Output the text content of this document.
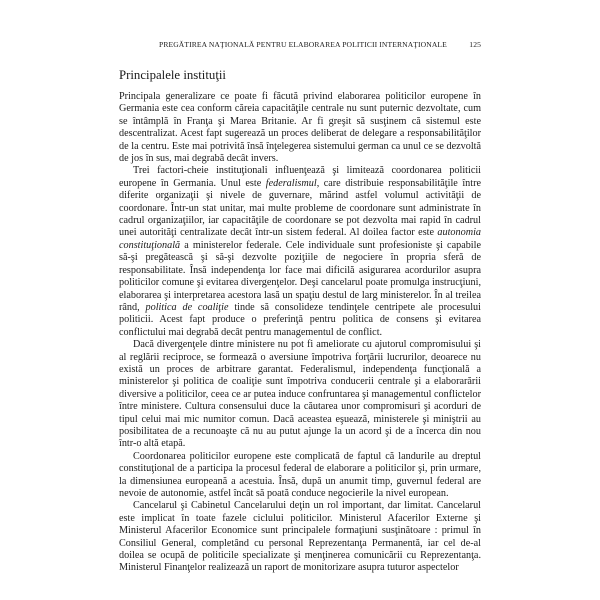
PREGĂTIREA NAŢIONALĂ PENTRU ELABORAREA POLITICII INTERNAŢIONALE	125
Principalele instituţii

Principala generalizare ce poate fi făcută privind elaborarea politicilor europene în Germania este cea conform căreia capacităţile centrale nu sunt puternic dezvoltate, cum se întâmplă în Franţa şi Marea Britanie. Ar fi greşit să susţinem că sistemul este descentralizat. Acest fapt sugerează un proces deliberat de delegare a responsabilităţilor de la centru. Este mai potrivită însă înţelegerea sistemului german ca unul ce se dezvoltă de jos în sus, mai degrabă decât invers.

Trei factori-cheie instituţionali influenţează şi limitează coordonarea politicii europene în Germania. Unul este federalismul, care distribuie responsabilităţile între diferite organizaţii şi nivele de guvernare, mărind astfel volumul activităţii de coordonare. Într-un stat unitar, mai multe probleme de coordonare sunt administrate în cadrul organizaţiilor, iar capacităţile de coordonare se pot dezvolta mai rapid în cadrul unei autorităţi centralizate decât într-un sistem federal. Al doilea factor este autonomia constituţională a ministerelor federale. Cele individuale sunt profesioniste şi capabile să-şi pregătească şi să-şi dezvolte poziţiile de negociere în propria sferă de responsabilitate. Însă independenţa lor face mai dificilă asigurarea acordurilor asupra politicilor comune şi evitarea divergenţelor. Deşi cancelarul poate promulga instrucţiuni, elaborarea şi interpretarea acestora lasă un spaţiu destul de larg ministerelor. În al treilea rând, politica de coaliţie tinde să consolideze tendinţele centripete ale procesului politicii. Acest fapt produce o preferinţă pentru politica de consens şi evitarea conflictului mai degrabă decât pentru managementul de conflict.

Dacă divergenţele dintre ministere nu pot fi ameliorate cu ajutorul compromisului şi al reglării reciproce, se formează o aversiune împotriva forţării lucrurilor, deoarece nu există un proces de arbitrare garantat. Federalismul, independenţa funcţională a ministerelor şi politica de coaliţie sunt împotriva conducerii centrale şi a elaborarării diversive a politicilor, ceea ce ar putea induce confruntarea şi managementul conflictelor între ministere. Cultura consensului duce la căutarea unor compromisuri şi acorduri de tipul celui mai mic numitor comun. Dacă aceastea eşuează, ministerele şi miniştrii au posibilitatea de a recunoaşte că nu au putut ajunge la un acord şi de a încerca din nou într-o altă etapă.

Coordonarea politicilor europene este complicată de faptul că landurile au dreptul constituţional de a participa la procesul federal de elaborare a politicilor şi, prin urmare, la dimensiunea europeană a acestuia. Însă, după un anumit timp, guvernul federal are nevoie de autonomie, astfel încât să poată conduce negocierile la nivel european.

Cancelarul şi Cabinetul Cancelarului deţin un rol important, dar limitat. Cancelarul este implicat în toate fazele ciclului politicilor. Ministerul Afacerilor Externe şi Ministerul Afacerilor Economice sunt principalele formaţiuni susţinătoare : primul în Consiliul General, completând cu personal Reprezentanţa Permanentă, iar cel de-al doilea se ocupă de politicile specializate şi menţinerea comunicării cu Reprezentanţa. Ministerul Finanţelor realizează un raport de monitorizare asupra tuturor aspectelor
